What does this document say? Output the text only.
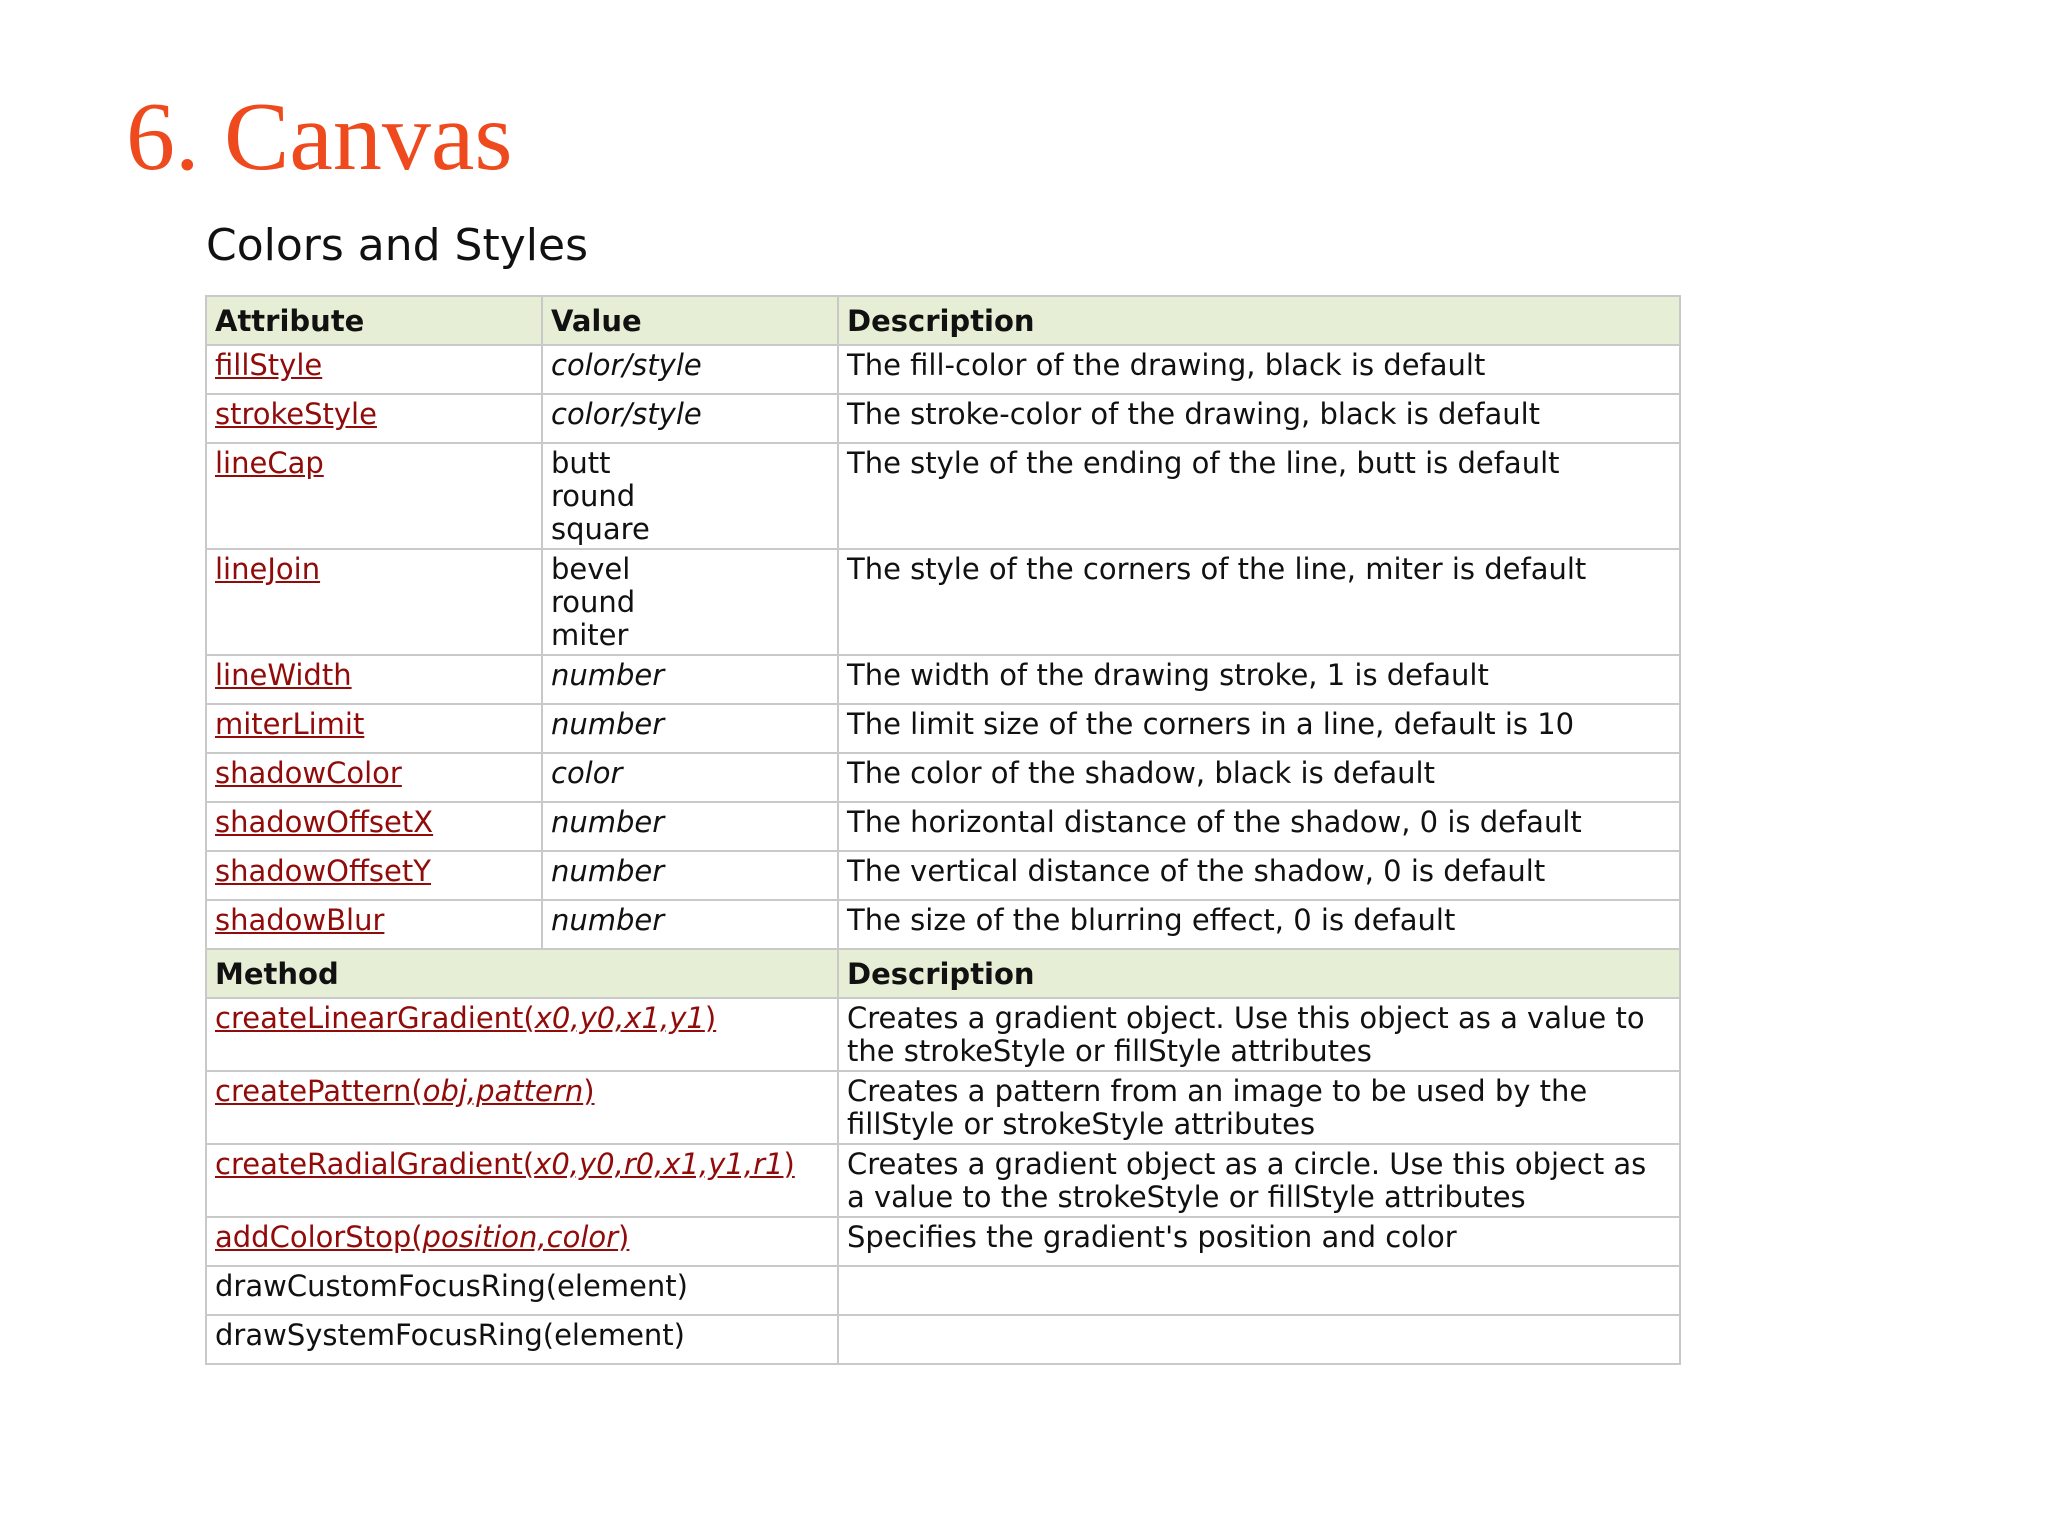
6. Canvas
Colors and Styles
Attribute	Value	Description
fillStyle	color/style	The fill-color of the drawing, black is default
strokeStyle	color/style	The stroke-color of the drawing, black is default
lineCap	butt
round
square	The style of the ending of the line, butt is default
lineJoin	bevel
round
miter	The style of the corners of the line, miter is default
lineWidth	number	The width of the drawing stroke, 1 is default
miterLimit	number	The limit size of the corners in a line, default is 10
shadowColor	color	The color of the shadow, black is default
shadowOffsetX	number	The horizontal distance of the shadow, 0 is default
shadowOffsetY	number	The vertical distance of the shadow, 0 is default
shadowBlur	number	The size of the blurring effect, 0 is default
Method		Description
createLinearGradient(x0,y0,x1,y1)		Creates a gradient object. Use this object as a value to the strokeStyle or fillStyle attributes
createPattern(obj,pattern)		Creates a pattern from an image to be used by the fillStyle or strokeStyle attributes
createRadialGradient(x0,y0,r0,x1,y1,r1)		Creates a gradient object as a circle. Use this object as a value to the strokeStyle or fillStyle attributes
addColorStop(position,color)		Specifies the gradient's position and color
drawCustomFocusRing(element)		
drawSystemFocusRing(element)		
